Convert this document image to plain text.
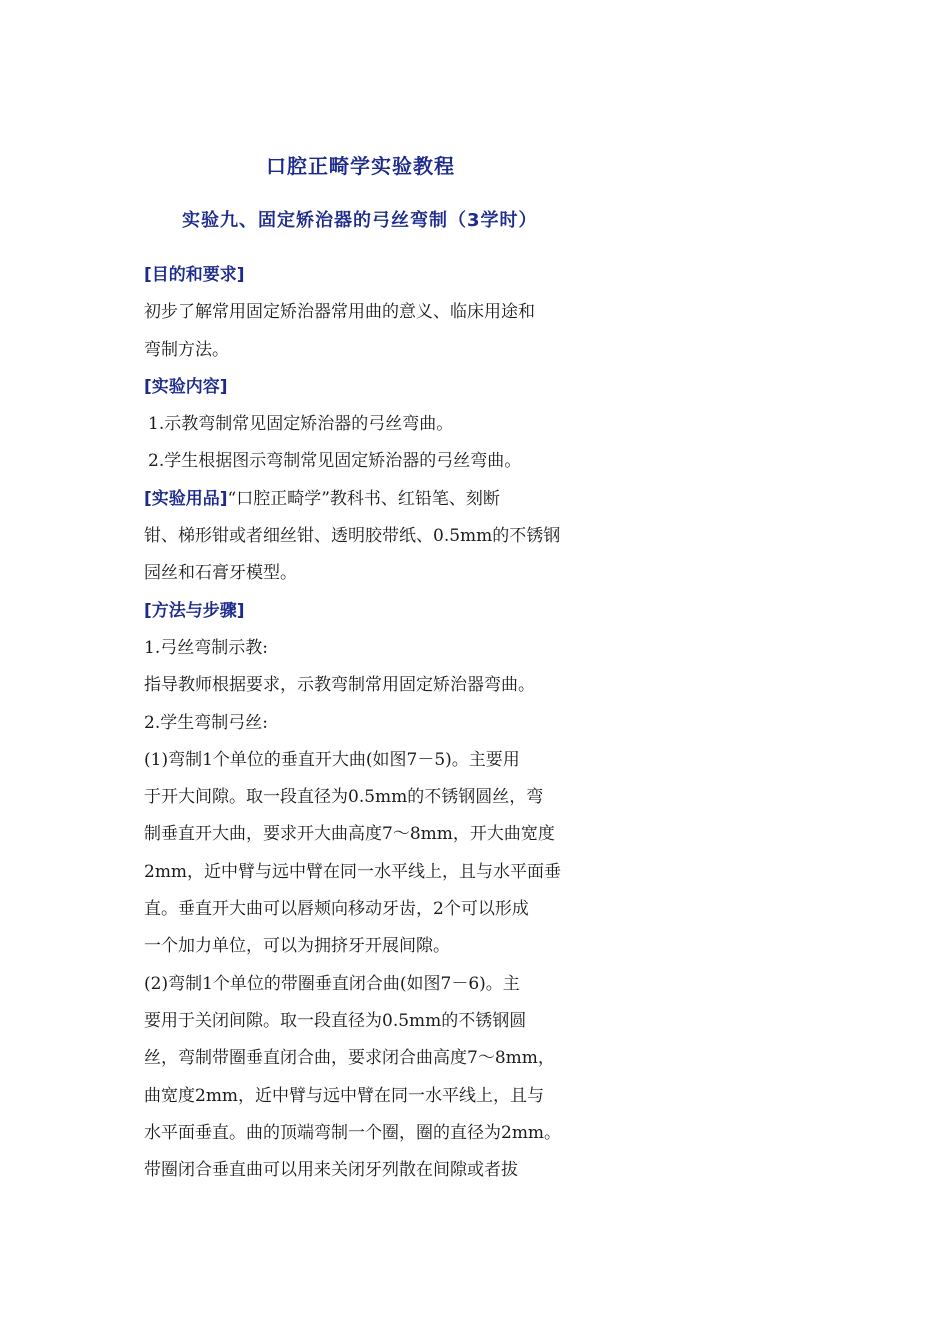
口腔正畸学实验教程
实验九、固定矫治器的弓丝弯制（3学时）
[目的和要求]
初步了解常用固定矫治器常用曲的意义、临床用途和
弯制方法。
[实验内容]
1.示教弯制常见固定矫治器的弓丝弯曲。
2.学生根据图示弯制常见固定矫治器的弓丝弯曲。
[实验用品]“口腔正畸学”教科书、红铅笔、刻断
钳、梯形钳或者细丝钳、透明胶带纸、0.5mm的不锈钢
园丝和石膏牙模型。
[方法与步骤]
1.弓丝弯制示教:
指导教师根据要求，示教弯制常用固定矫治器弯曲。
2.学生弯制弓丝:
(1)弯制1个单位的垂直开大曲(如图7－5)。主要用
于开大间隙。取一段直径为0.5mm的不锈钢圆丝，弯
制垂直开大曲，要求开大曲高度7～8mm，开大曲宽度
2mm，近中臂与远中臂在同一水平线上，且与水平面垂
直。垂直开大曲可以唇颊向移动牙齿，2个可以形成
一个加力单位，可以为拥挤牙开展间隙。
(2)弯制1个单位的带圈垂直闭合曲(如图7－6)。主
要用于关闭间隙。取一段直径为0.5mm的不锈钢圆
丝，弯制带圈垂直闭合曲，要求闭合曲高度7～8mm，
曲宽度2mm，近中臂与远中臂在同一水平线上，且与
水平面垂直。曲的顶端弯制一个圈，圈的直径为2mm。
带圈闭合垂直曲可以用来关闭牙列散在间隙或者拔
